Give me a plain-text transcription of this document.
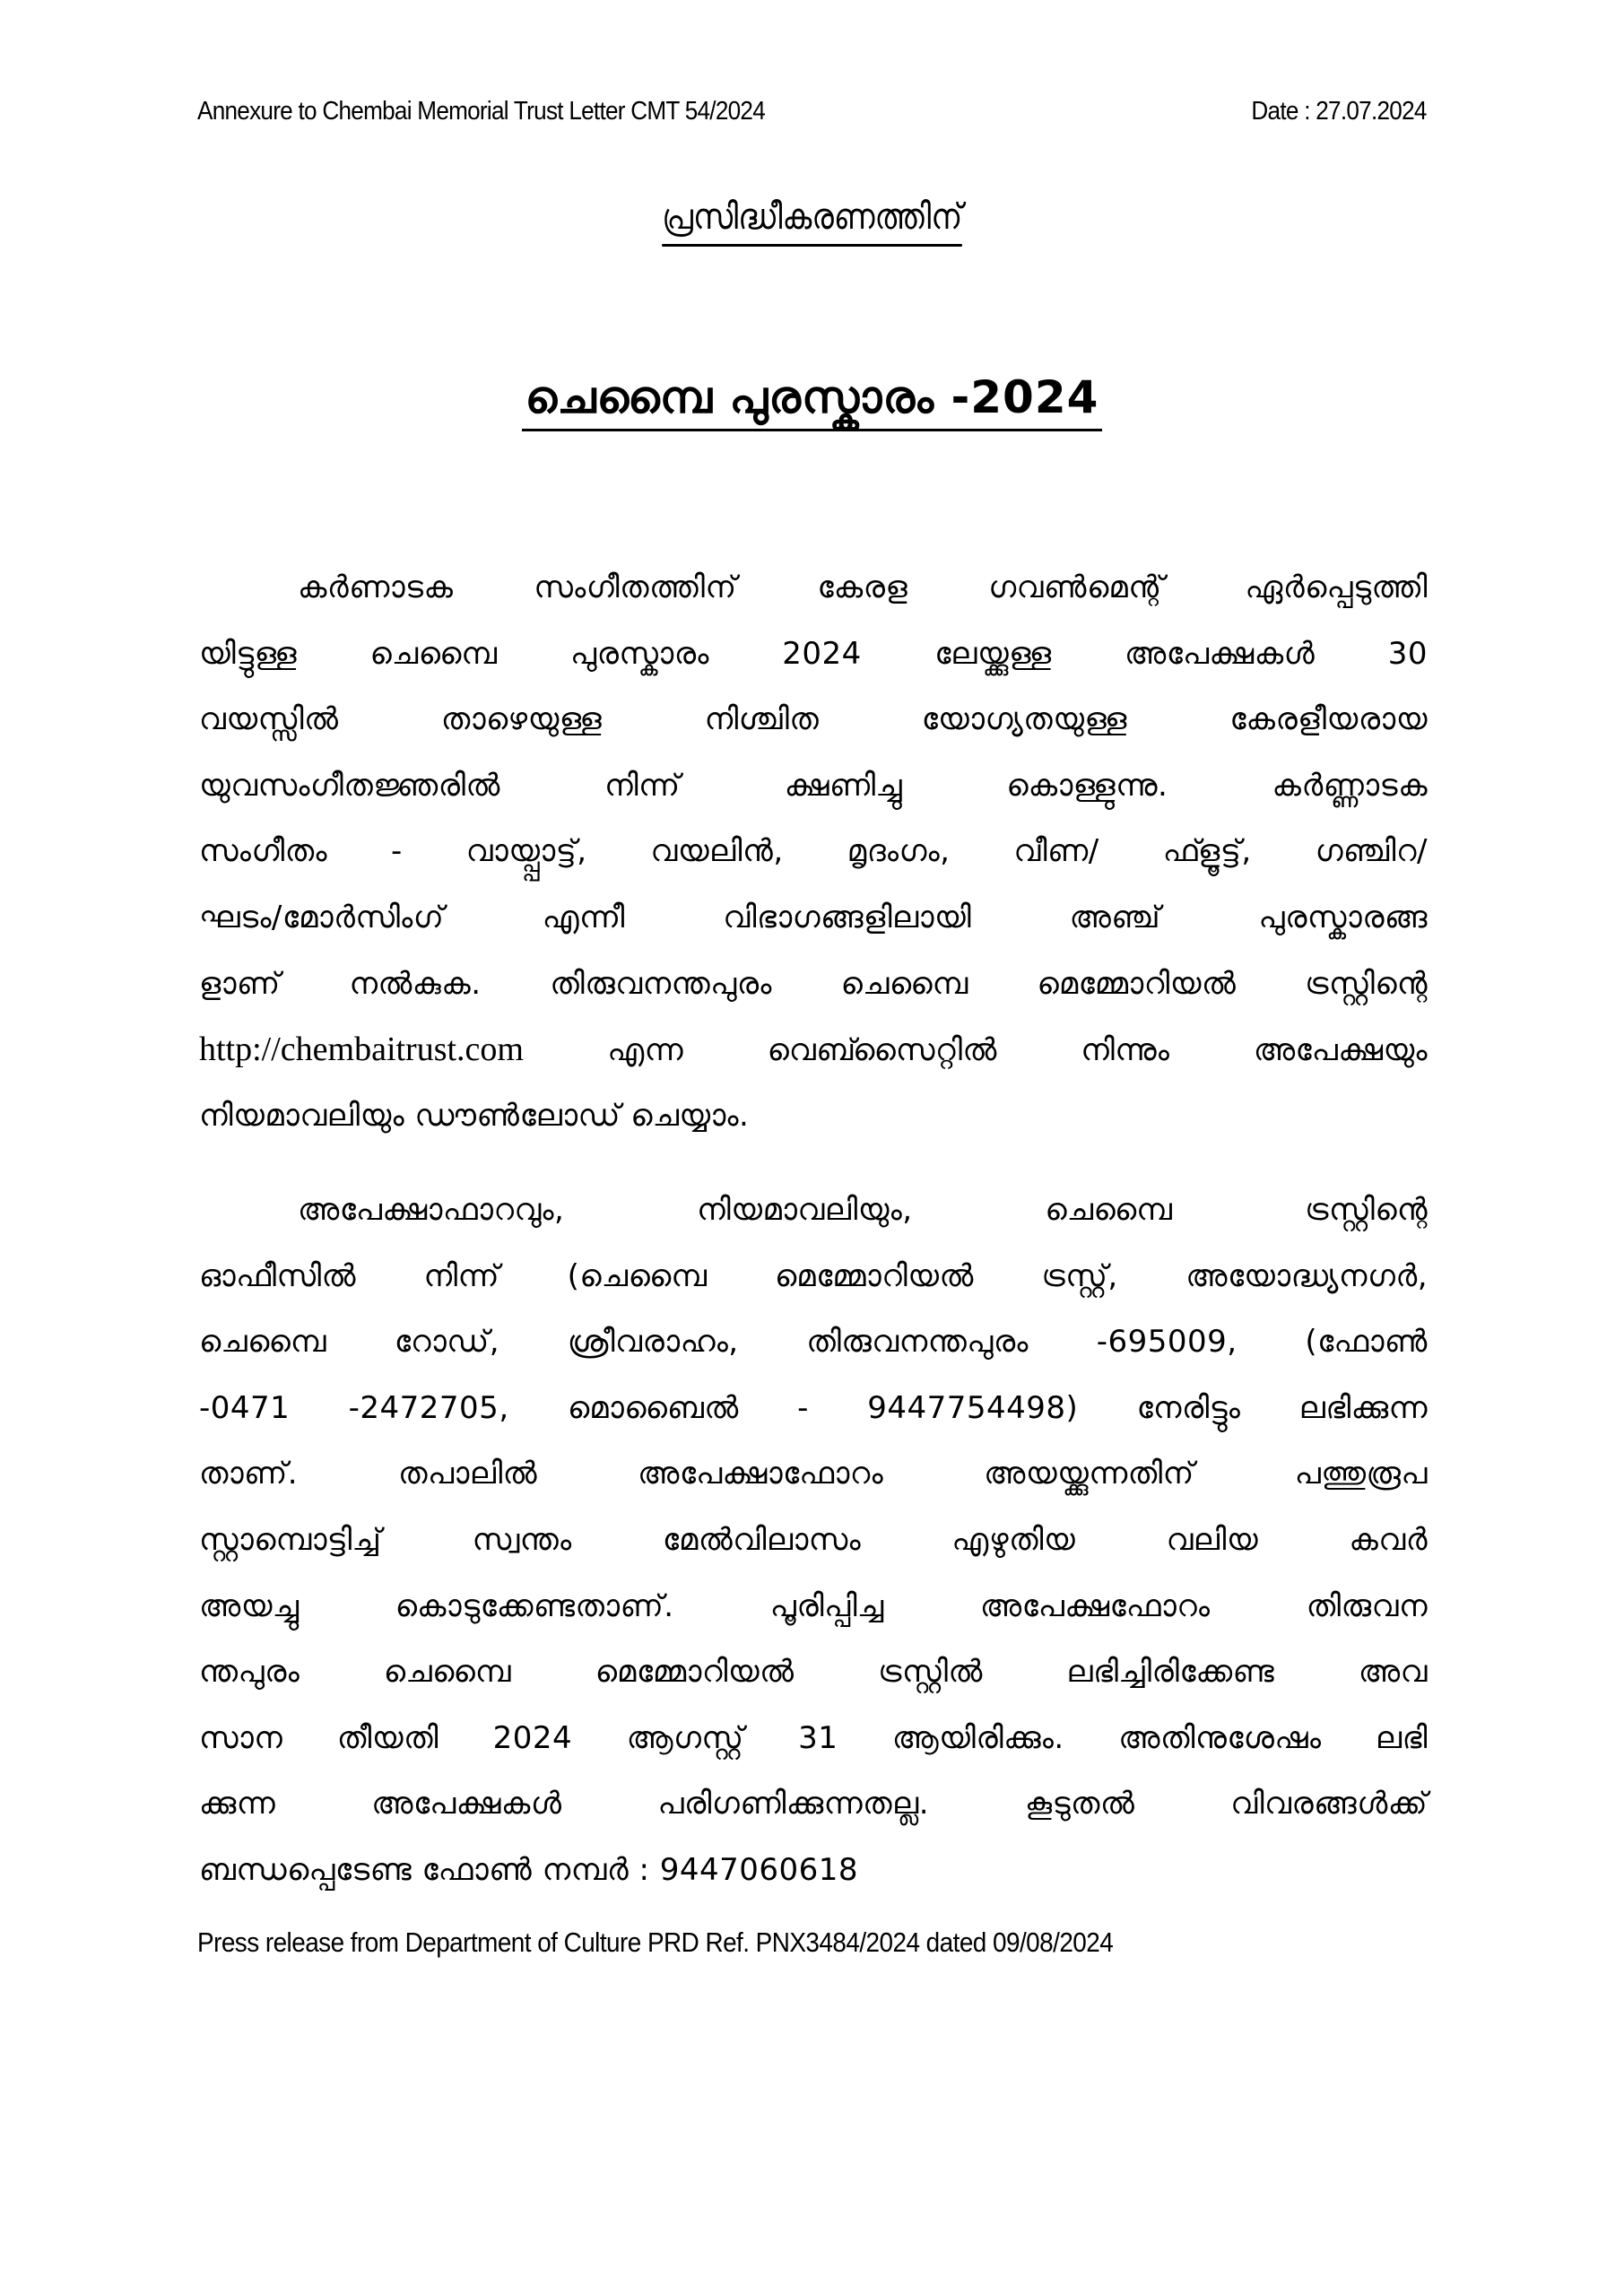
Annexure to Chembai Memorial Trust Letter CMT 54/2024	Date : 27.07.2024
പ്രസിദ്ധീകരണത്തിന്
ചെമ്പൈ പുരസ്കാരം -2024
കർണാടക സംഗീതത്തിന് കേരള ഗവൺമെന്റ് ഏർപ്പെടുത്തി
യിട്ടുള്ള ചെമ്പൈ പുരസ്കാരം 2024 ലേയ്ക്കുള്ള അപേക്ഷകൾ 30
വയസ്സിൽ താഴെയുള്ള നിശ്ചിത യോഗ്യതയുള്ള കേരളീയരായ
യുവസംഗീതജ്ഞരിൽ നിന്ന് ക്ഷണിച്ചു കൊള്ളുന്നു. കർണ്ണാടക
സംഗീതം - വായ്പ്പാട്ട്, വയലിൻ, മൃദംഗം, വീണ/ ഫ്ളൂട്ട്, ഗഞ്ചിറ/
ഘടം/മോർസിംഗ് എന്നീ വിഭാഗങ്ങളിലായി അഞ്ച് പുരസ്കാരങ്ങ
ളാണ് നൽകുക. തിരുവനന്തപുരം ചെമ്പൈ മെമ്മോറിയൽ ട്രസ്റ്റിന്റെ
http://chembaitrust.com	എന്ന വെബ്സൈറ്റിൽ നിന്നും അപേക്ഷയും
നിയമാവലിയും ഡൗൺലോഡ് ചെയ്യാം.
അപേക്ഷാഫാറവും, നിയമാവലിയും, ചെമ്പൈ ട്രസ്റ്റിന്റെ
ഓഫീസിൽ നിന്ന് (ചെമ്പൈ മെമ്മോറിയൽ ട്രസ്റ്റ്, അയോദ്ധ്യനഗർ,
ചെമ്പൈ റോഡ്, ശ്രീവരാഹം, തിരുവനന്തപുരം -695009, (ഫോൺ
-0471 -2472705, മൊബൈൽ - 9447754498) നേരിട്ടും ലഭിക്കുന്ന
താണ്. തപാലിൽ അപേക്ഷാഫോറം അയയ്ക്കുന്നതിന് പത്തുരൂപ
സ്റ്റാമ്പൊട്ടിച്ച് സ്വന്തം മേൽവിലാസം എഴുതിയ വലിയ കവർ
അയച്ചു കൊടുക്കേണ്ടതാണ്. പൂരിപ്പിച്ച അപേക്ഷഫോറം തിരുവന
ന്തപുരം ചെമ്പൈ മെമ്മോറിയൽ ട്രസ്റ്റിൽ ലഭിച്ചിരിക്കേണ്ട അവ
സാന തീയതി 2024 ആഗസ്റ്റ് 31 ആയിരിക്കും. അതിനുശേഷം ലഭി
ക്കുന്ന അപേക്ഷകൾ പരിഗണിക്കുന്നതല്ല. കൂടുതൽ വിവരങ്ങൾക്ക്
ബന്ധപ്പെടേണ്ട ഫോൺ നമ്പർ : 9447060618
Press release from Department of Culture PRD Ref. PNX3484/2024 dated 09/08/2024
